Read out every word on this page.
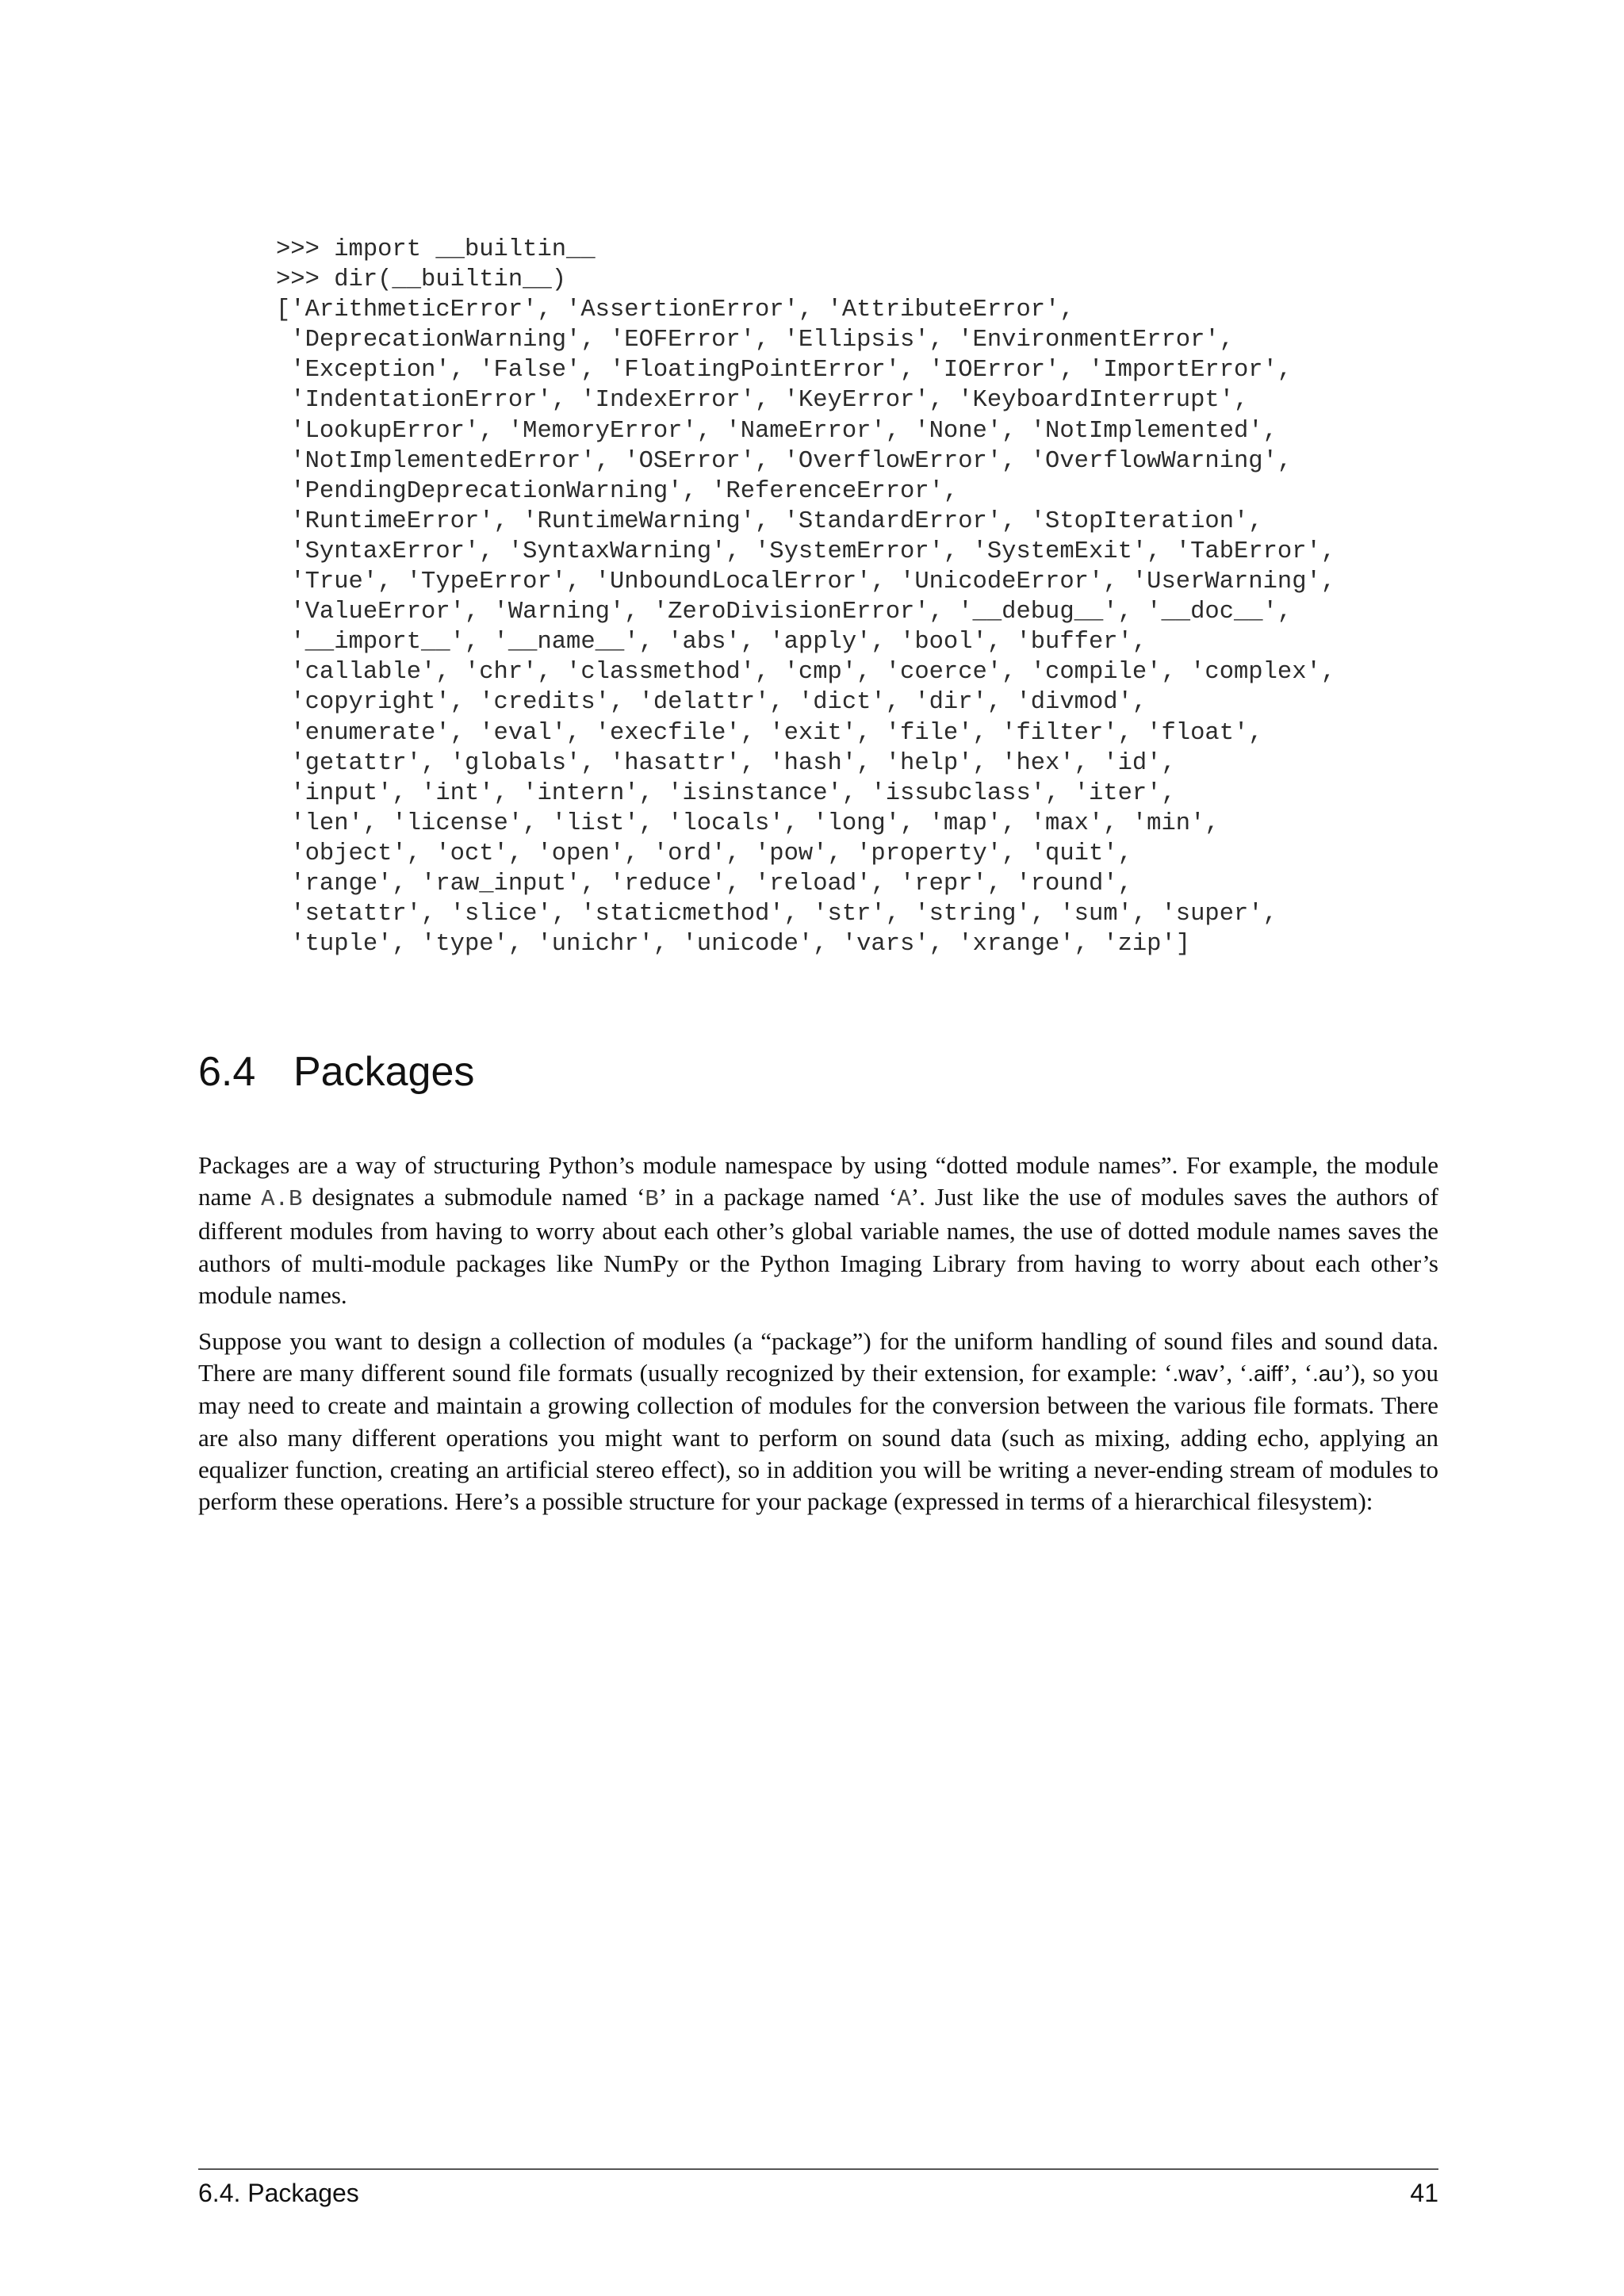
>>> import __builtin__
>>> dir(__builtin__)
['ArithmeticError', 'AssertionError', 'AttributeError',
'DeprecationWarning', 'EOFError', 'Ellipsis', 'EnvironmentError',
'Exception', 'False', 'FloatingPointError', 'IOError', 'ImportError',
'IndentationError', 'IndexError', 'KeyError', 'KeyboardInterrupt',
'LookupError', 'MemoryError', 'NameError', 'None', 'NotImplemented',
'NotImplementedError', 'OSError', 'OverflowError', 'OverflowWarning',
'PendingDeprecationWarning', 'ReferenceError',
'RuntimeError', 'RuntimeWarning', 'StandardError', 'StopIteration',
'SyntaxError', 'SyntaxWarning', 'SystemError', 'SystemExit', 'TabError',
'True', 'TypeError', 'UnboundLocalError', 'UnicodeError', 'UserWarning',
'ValueError', 'Warning', 'ZeroDivisionError', '__debug__', '__doc__',
'__import__', '__name__', 'abs', 'apply', 'bool', 'buffer',
'callable', 'chr', 'classmethod', 'cmp', 'coerce', 'compile', 'complex',
'copyright', 'credits', 'delattr', 'dict', 'dir', 'divmod',
'enumerate', 'eval', 'execfile', 'exit', 'file', 'filter', 'float',
'getattr', 'globals', 'hasattr', 'hash', 'help', 'hex', 'id',
'input', 'int', 'intern', 'isinstance', 'issubclass', 'iter',
'len', 'license', 'list', 'locals', 'long', 'map', 'max', 'min',
'object', 'oct', 'open', 'ord', 'pow', 'property', 'quit',
'range', 'raw_input', 'reduce', 'reload', 'repr', 'round',
'setattr', 'slice', 'staticmethod', 'str', 'string', 'sum', 'super',
'tuple', 'type', 'unichr', 'unicode', 'vars', 'xrange', 'zip']
6.4 Packages

Packages are a way of structuring Python’s module namespace by using “dotted module names”. For example, the module name A.B designates a submodule named ‘B’ in a package named ‘A’. Just like the use of modules saves the authors of different modules from having to worry about each other’s global variable names, the use of dotted module names saves the authors of multi-module packages like NumPy or the Python Imaging Library from having to worry about each other’s module names.

Suppose you want to design a collection of modules (a “package”) for the uniform handling of sound files and sound data. There are many different sound file formats (usually recognized by their extension, for example: ‘.wav’, ‘.aiff’, ‘.au’), so you may need to create and maintain a growing collection of modules for the conversion between the various file formats. There are also many different operations you might want to perform on sound data (such as mixing, adding echo, applying an equalizer function, creating an artificial stereo effect), so in addition you will be writing a never-ending stream of modules to perform these operations. Here’s a possible structure for your package (expressed in terms of a hierarchical filesystem):

6.4. Packages	41
